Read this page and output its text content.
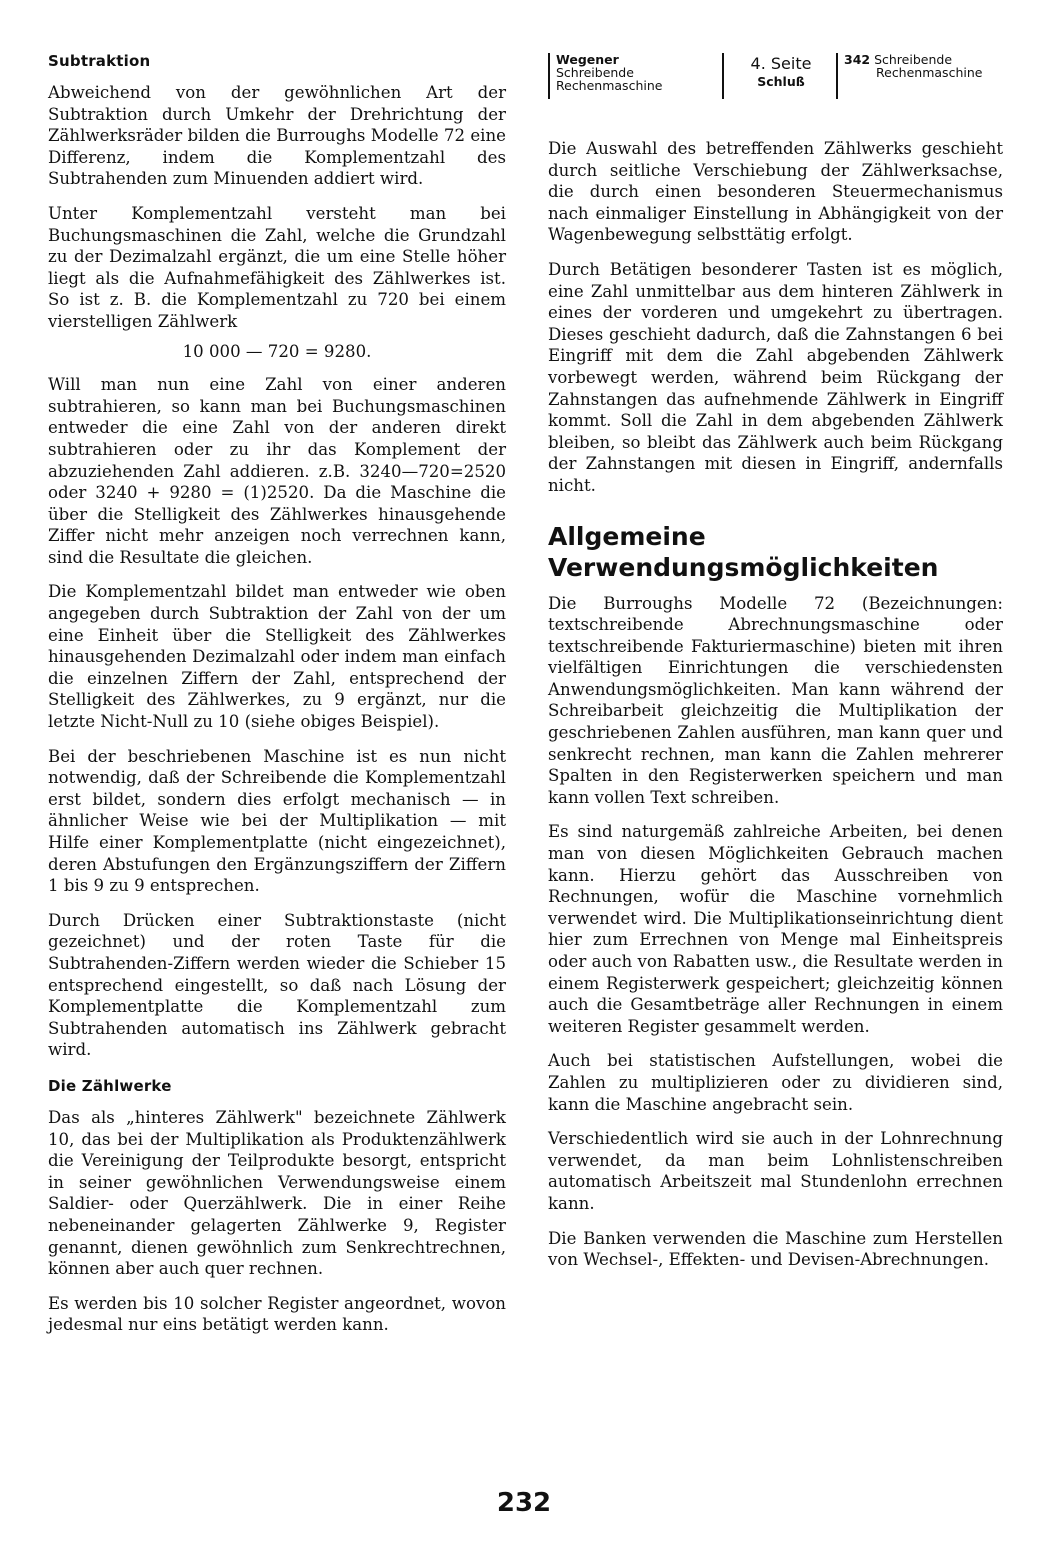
Wegener
Schreibende
Rechenmaschine
4. Seite
Schluß
342 Schreibende
Rechenmaschine
Subtraktion

Abweichend von der gewöhnlichen Art der Subtraktion durch Umkehr der Drehrichtung der Zählwerksräder bilden die Burroughs Modelle 72 eine Differenz, indem die Komplementzahl des Subtrahenden zum Minuenden addiert wird.

Unter Komplementzahl versteht man bei Buchungsmaschinen die Zahl, welche die Grundzahl zu der Dezimalzahl ergänzt, die um eine Stelle höher liegt als die Aufnahmefähigkeit des Zählwerkes ist. So ist z. B. die Komplementzahl zu 720 bei einem vierstelligen Zählwerk

10 000 — 720 = 9280.

Will man nun eine Zahl von einer anderen subtrahieren, so kann man bei Buchungsmaschinen entweder die eine Zahl von der anderen direkt subtrahieren oder zu ihr das Komplement der abzuziehenden Zahl addieren. z.B. 3240—720=2520 oder 3240 + 9280 = (1)2520. Da die Maschine die über die Stelligkeit des Zählwerkes hinausgehende Ziffer nicht mehr anzeigen noch verrechnen kann, sind die Resultate die gleichen.

Die Komplementzahl bildet man entweder wie oben angegeben durch Subtraktion der Zahl von der um eine Einheit über die Stelligkeit des Zählwerkes hinausgehenden Dezimalzahl oder indem man einfach die einzelnen Ziffern der Zahl, entsprechend der Stelligkeit des Zählwerkes, zu 9 ergänzt, nur die letzte Nicht-Null zu 10 (siehe obiges Beispiel).

Bei der beschriebenen Maschine ist es nun nicht notwendig, daß der Schreibende die Komplementzahl erst bildet, sondern dies erfolgt mechanisch — in ähnlicher Weise wie bei der Multiplikation — mit Hilfe einer Komplementplatte (nicht eingezeichnet), deren Abstufungen den Ergänzungsziffern der Ziffern 1 bis 9 zu 9 entsprechen.

Durch Drücken einer Subtraktionstaste (nicht gezeichnet) und der roten Taste für die Subtrahenden-Ziffern werden wieder die Schieber 15 entsprechend eingestellt, so daß nach Lösung der Komplementplatte die Komplementzahl zum Subtrahenden automatisch ins Zählwerk gebracht wird.

Die Zählwerke

Das als „hinteres Zählwerk" bezeichnete Zählwerk 10, das bei der Multiplikation als Produktenzählwerk die Vereinigung der Teilprodukte besorgt, entspricht in seiner gewöhnlichen Verwendungsweise einem Saldier- oder Querzählwerk. Die in einer Reihe nebeneinander gelagerten Zählwerke 9, Register genannt, dienen gewöhnlich zum Senkrechtrechnen, können aber auch quer rechnen.

Es werden bis 10 solcher Register angeordnet, wovon jedesmal nur eins betätigt werden kann.

Die Auswahl des betreffenden Zählwerks geschieht durch seitliche Verschiebung der Zählwerksachse, die durch einen besonderen Steuermechanismus nach einmaliger Einstellung in Abhängigkeit von der Wagenbewegung selbsttätig erfolgt.

Durch Betätigen besonderer Tasten ist es möglich, eine Zahl unmittelbar aus dem hinteren Zählwerk in eines der vorderen und umgekehrt zu übertragen. Dieses geschieht dadurch, daß die Zahnstangen 6 bei Eingriff mit dem die Zahl abgebenden Zählwerk vorbewegt werden, während beim Rückgang der Zahnstangen das aufnehmende Zählwerk in Eingriff kommt. Soll die Zahl in dem abgebenden Zählwerk bleiben, so bleibt das Zählwerk auch beim Rückgang der Zahnstangen mit diesen in Eingriff, andernfalls nicht.

Allgemeine
Verwendungsmöglichkeiten

Die Burroughs Modelle 72 (Bezeichnungen: textschreibende Abrechnungsmaschine oder textschreibende Fakturiermaschine) bieten mit ihren vielfältigen Einrichtungen die verschiedensten Anwendungsmöglichkeiten. Man kann während der Schreibarbeit gleichzeitig die Multiplikation der geschriebenen Zahlen ausführen, man kann quer und senkrecht rechnen, man kann die Zahlen mehrerer Spalten in den Registerwerken speichern und man kann vollen Text schreiben.

Es sind naturgemäß zahlreiche Arbeiten, bei denen man von diesen Möglichkeiten Gebrauch machen kann. Hierzu gehört das Ausschreiben von Rechnungen, wofür die Maschine vornehmlich verwendet wird. Die Multiplikationseinrichtung dient hier zum Errechnen von Menge mal Einheitspreis oder auch von Rabatten usw., die Resultate werden in einem Registerwerk gespeichert; gleichzeitig können auch die Gesamtbeträge aller Rechnungen in einem weiteren Register gesammelt werden.

Auch bei statistischen Aufstellungen, wobei die Zahlen zu multiplizieren oder zu dividieren sind, kann die Maschine angebracht sein.

Verschiedentlich wird sie auch in der Lohnrechnung verwendet, da man beim Lohnlistenschreiben automatisch Arbeitszeit mal Stundenlohn errechnen kann.

Die Banken verwenden die Maschine zum Herstellen von Wechsel-, Effekten- und Devisen-Abrechnungen.

232
